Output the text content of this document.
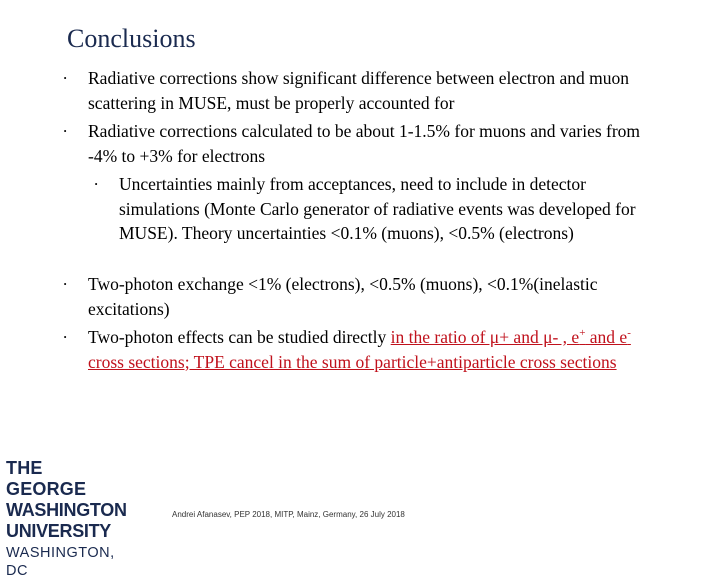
Conclusions
. Radiative corrections show significant difference between electron and muon scattering in MUSE, must be properly accounted for
. Radiative corrections calculated to be about 1-1.5% for muons and varies from -4% to +3% for electrons
. Uncertainties mainly from acceptances, need to include in detector simulations (Monte Carlo generator of radiative events was developed for MUSE). Theory uncertainties <0.1% (muons), <0.5% (electrons)
. Two-photon exchange <1% (electrons), <0.5% (muons), <0.1%(inelastic excitations)
. Two-photon effects can be studied directly in the ratio of μ+ and μ- , e+ and e- cross sections; TPE cancel in the sum of particle+antiparticle cross sections
THE GEORGE
WASHINGTON
UNIVERSITY
WASHINGTON, DC
Andrei Afanasev, PEP 2018, MITP, Mainz, Germany, 26 July 2018
